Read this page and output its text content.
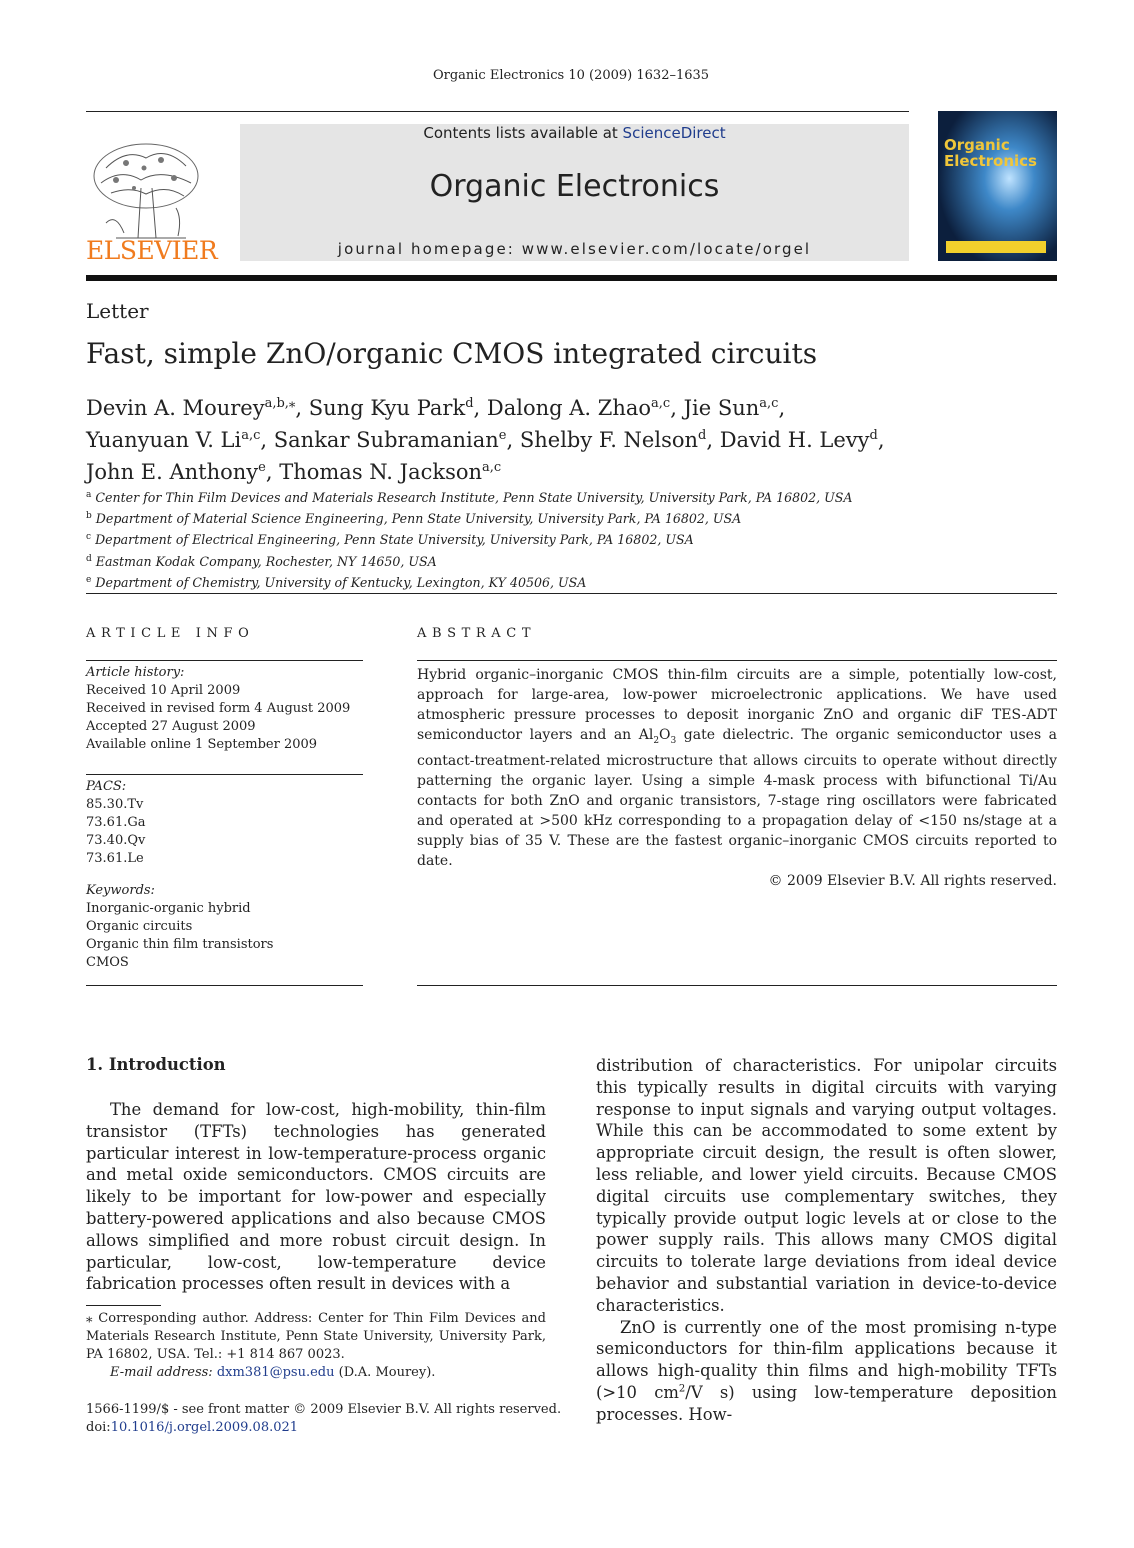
Organic Electronics 10 (2009) 1632–1635
ELSEVIER
Contents lists available at ScienceDirect
Organic Electronics
journal homepage: www.elsevier.com/locate/orgel
Organic
Electronics
Letter
Fast, simple ZnO/organic CMOS integrated circuits
Devin A. Mourey$^{a,b,⁎}$, Sung Kyu Park$^d$, Dalong A. Zhao$^{a,c}$, Jie Sun$^{a,c}$,
Yuanyuan V. Li$^{a,c}$, Sankar Subramanian$^e$, Shelby F. Nelson$^d$, David H. Levy$^d$,
John E. Anthony$^e$, Thomas N. Jackson$^{a,c}$
$^a$ Center for Thin Film Devices and Materials Research Institute, Penn State University, University Park, PA 16802, USA
$^b$ Department of Material Science Engineering, Penn State University, University Park, PA 16802, USA
$^c$ Department of Electrical Engineering, Penn State University, University Park, PA 16802, USA
$^d$ Eastman Kodak Company, Rochester, NY 14650, USA
$^e$ Department of Chemistry, University of Kentucky, Lexington, KY 40506, USA
ARTICLE INFO
Article history:
Received 10 April 2009
Received in revised form 4 August 2009
Accepted 27 August 2009
Available online 1 September 2009
PACS:
85.30.Tv
73.61.Ga
73.40.Qv
73.61.Le
Keywords:
Inorganic-organic hybrid
Organic circuits
Organic thin film transistors
CMOS
ABSTRACT
Hybrid organic–inorganic CMOS thin-film circuits are a simple, potentially low-cost, approach for large-area, low-power microelectronic applications. We have used atmospheric pressure processes to deposit inorganic ZnO and organic diF TES-ADT semiconductor layers and an $Al_2O_3$ gate dielectric. The organic semiconductor uses a contact-treatment-related microstructure that allows circuits to operate without directly patterning the organic layer. Using a simple 4-mask process with bifunctional Ti/Au contacts for both ZnO and organic transistors, 7-stage ring oscillators were fabricated and operated at >500 kHz corresponding to a propagation delay of <150 ns/stage at a supply bias of 35 V. These are the fastest organic–inorganic CMOS circuits reported to date.
© 2009 Elsevier B.V. All rights reserved.
1. Introduction

The demand for low-cost, high-mobility, thin-film transistor (TFTs) technologies has generated particular interest in low-temperature-process organic and metal oxide semiconductors. CMOS circuits are likely to be important for low-power and especially battery-powered applications and also because CMOS allows simplified and more robust circuit design. In particular, low-cost, low-temperature device fabrication processes often result in devices with a

distribution of characteristics. For unipolar circuits this typically results in digital circuits with varying response to input signals and varying output voltages. While this can be accommodated to some extent by appropriate circuit design, the result is often slower, less reliable, and lower yield circuits. Because CMOS digital circuits use complementary switches, they typically provide output logic levels at or close to the power supply rails. This allows many CMOS digital circuits to tolerate large deviations from ideal device behavior and substantial variation in device-to-device characteristics.

ZnO is currently one of the most promising n-type semiconductors for thin-film applications because it allows high-quality thin films and high-mobility TFTs (>10 $cm^2/V$ s) using low-temperature deposition processes. How-

⁎ Corresponding author. Address: Center for Thin Film Devices and Materials Research Institute, Penn State University, University Park, PA 16802, USA. Tel.: +1 814 867 0023.
E-mail address: dxm381@psu.edu (D.A. Mourey).
1566-1199/$ - see front matter © 2009 Elsevier B.V. All rights reserved.
doi:10.1016/j.orgel.2009.08.021
